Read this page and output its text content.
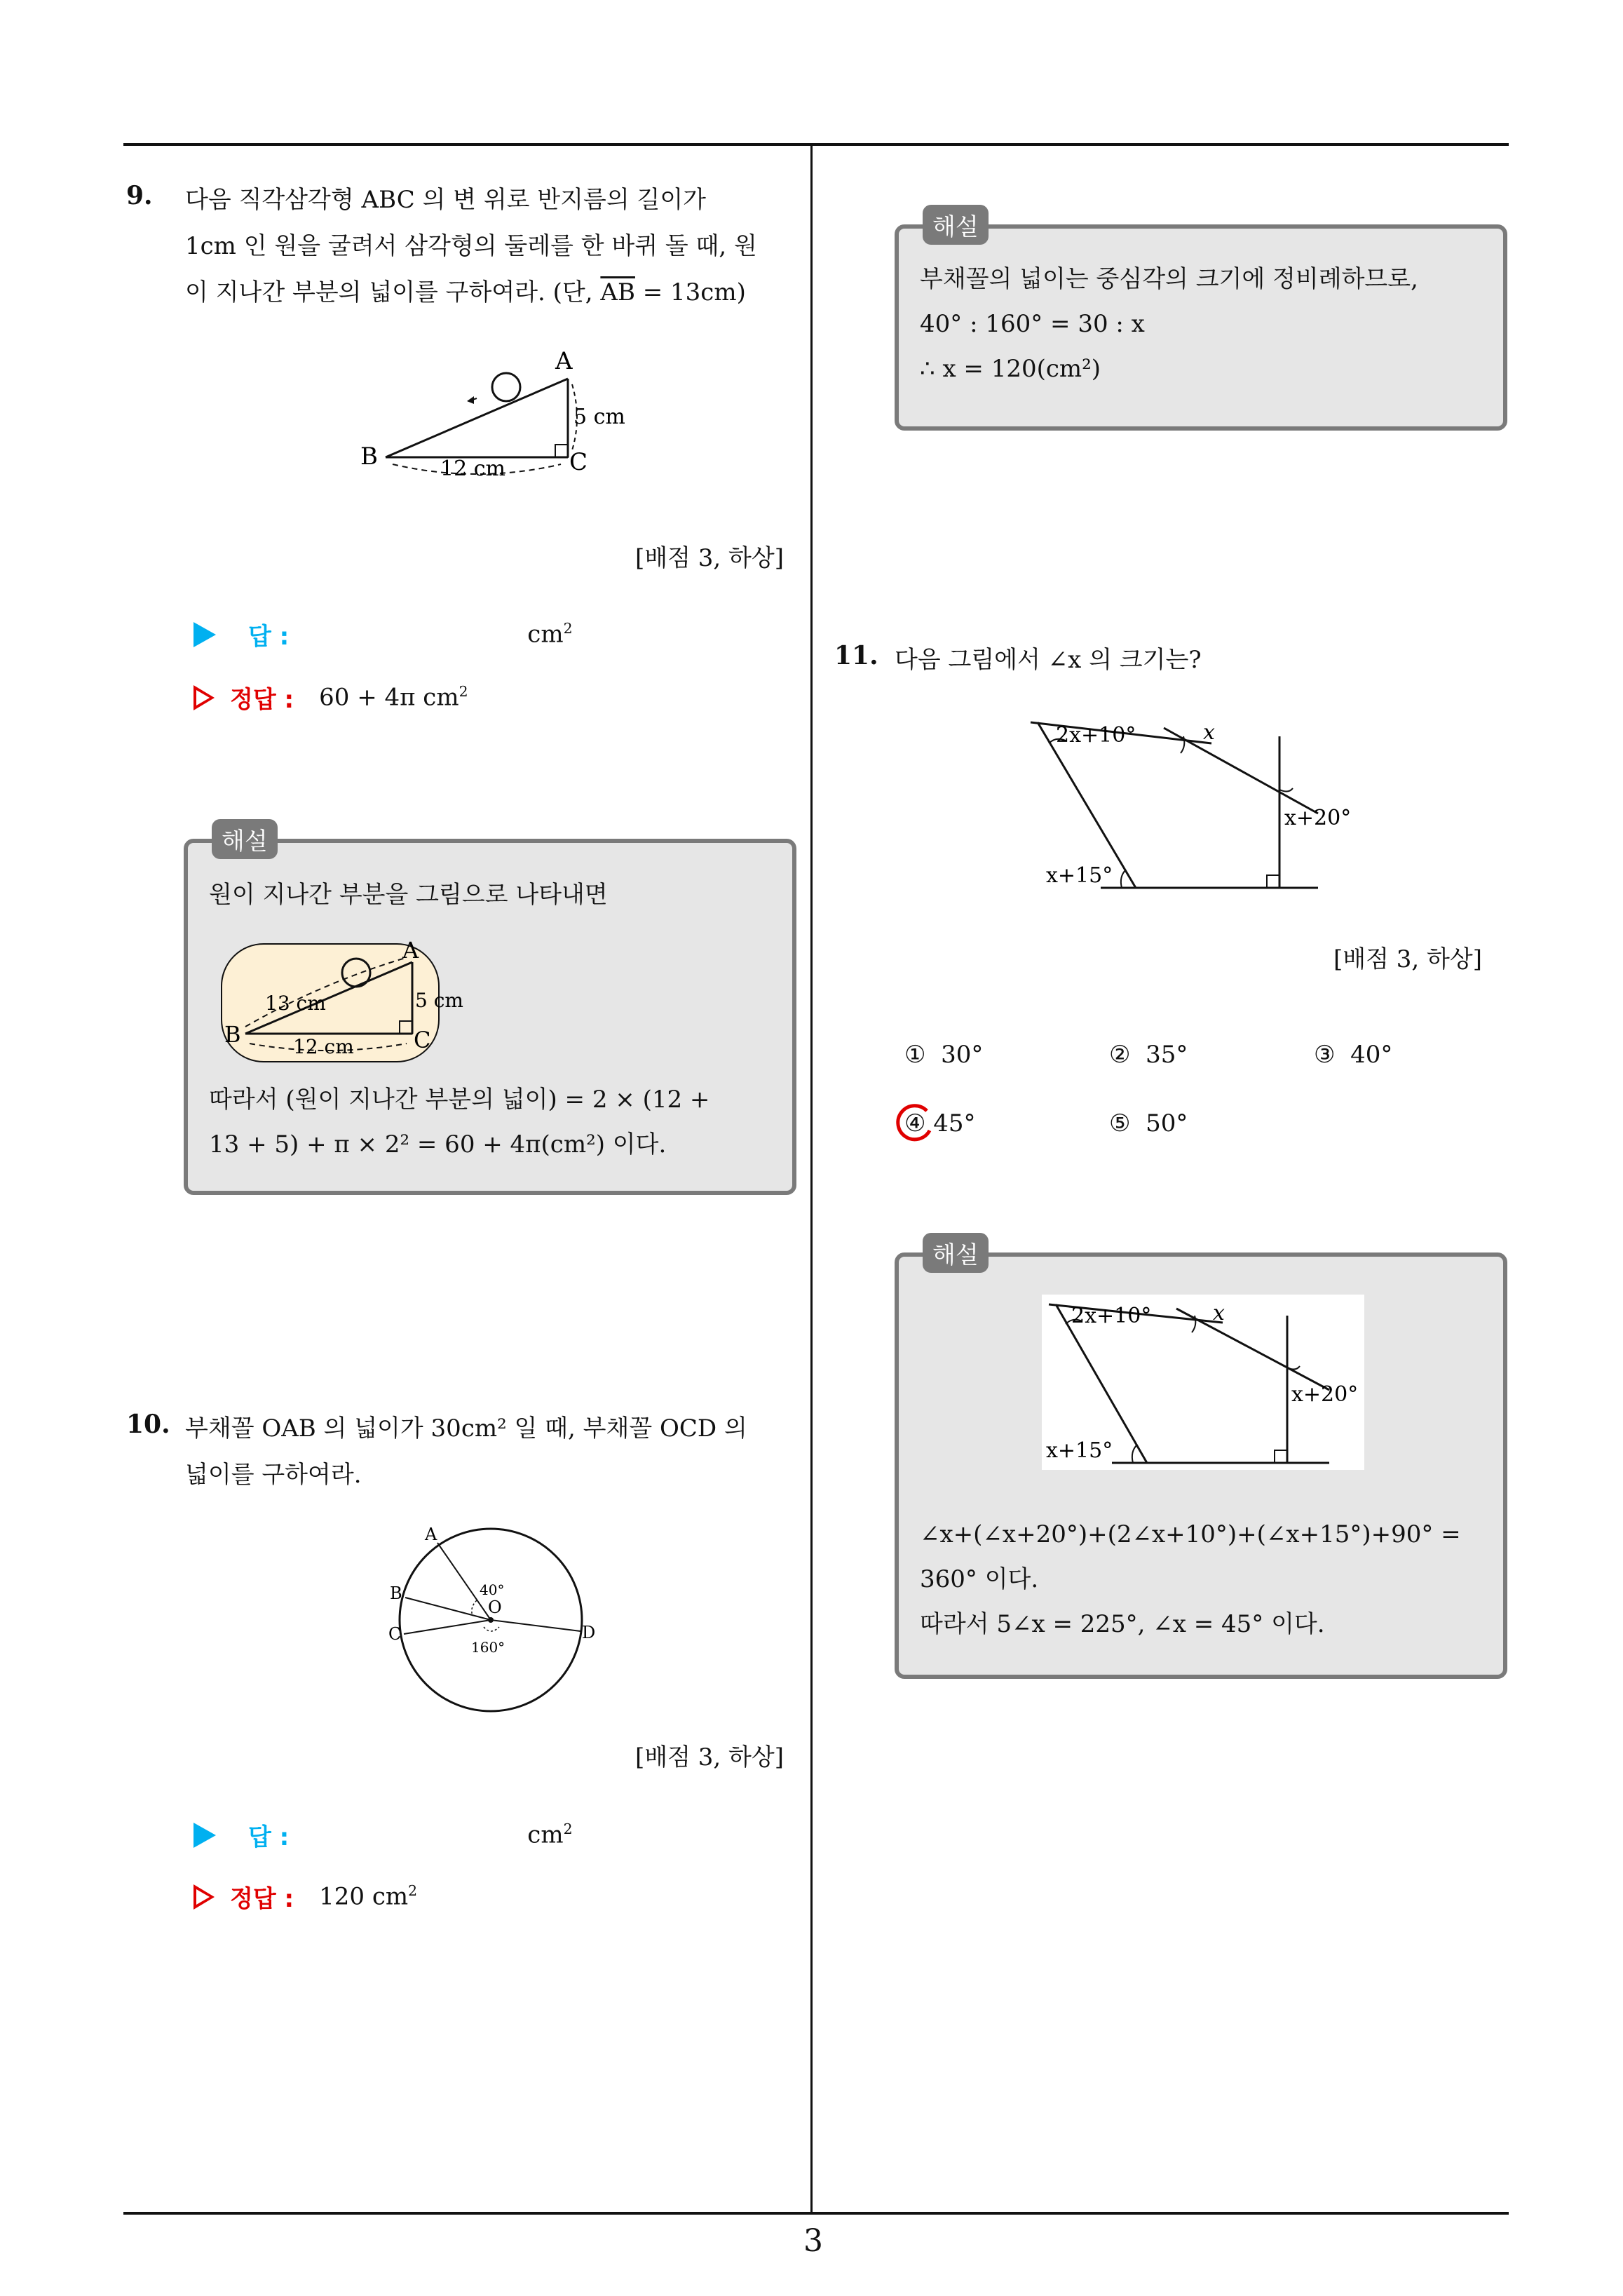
3
9. 다음 직각삼각형 ABC 의 변 위로 반지름의 길이가
1cm 인 원을 굴려서 삼각형의 둘레를 한 바퀴 돌 때, 원
이 지나간 부분의 넓이를 구하여라. (단, $\overline{AB} = 13cm$)
A
B	C
12 cm
5 cm
[배점 3, 하상]
답 :	$cm^2$
정답 : 60 + 4π $cm^2$
해설
원이 지나간 부분을 그림으로 나타내면
A
B	C
13 cm
12 cm
5 cm
따라서 (원이 지나간 부분의 넓이) = 2 × (12 +
13 + 5) + π × 2² = 60 + 4π(cm²) 이다.
10. 부채꼴 OAB 의 넓이가 30cm² 일 때, 부채꼴 OCD 의
넓이를 구하여라.
A
B
C	D
O
40°
160°
[배점 3, 하상]
답 :	$cm^2$
정답 : 120 $cm^2$
해설
부채꼴의 넓이는 중심각의 크기에 정비례하므로,
40° : 160° = 30 : x
∴ x = 120(cm²)
11. 다음 그림에서 ∠x 의 크기는?
2x+10°	x
x+20°
x+15°
[배점 3, 하상]
① 30°	② 35°	③ 40°
④ 45°	⑤ 50°
해설
2x+10°	x
x+20°
x+15°
∠x+(∠x+20°)+(2∠x+10°)+(∠x+15°)+90° =
360° 이다.
따라서 5∠x = 225°, ∠x = 45° 이다.
